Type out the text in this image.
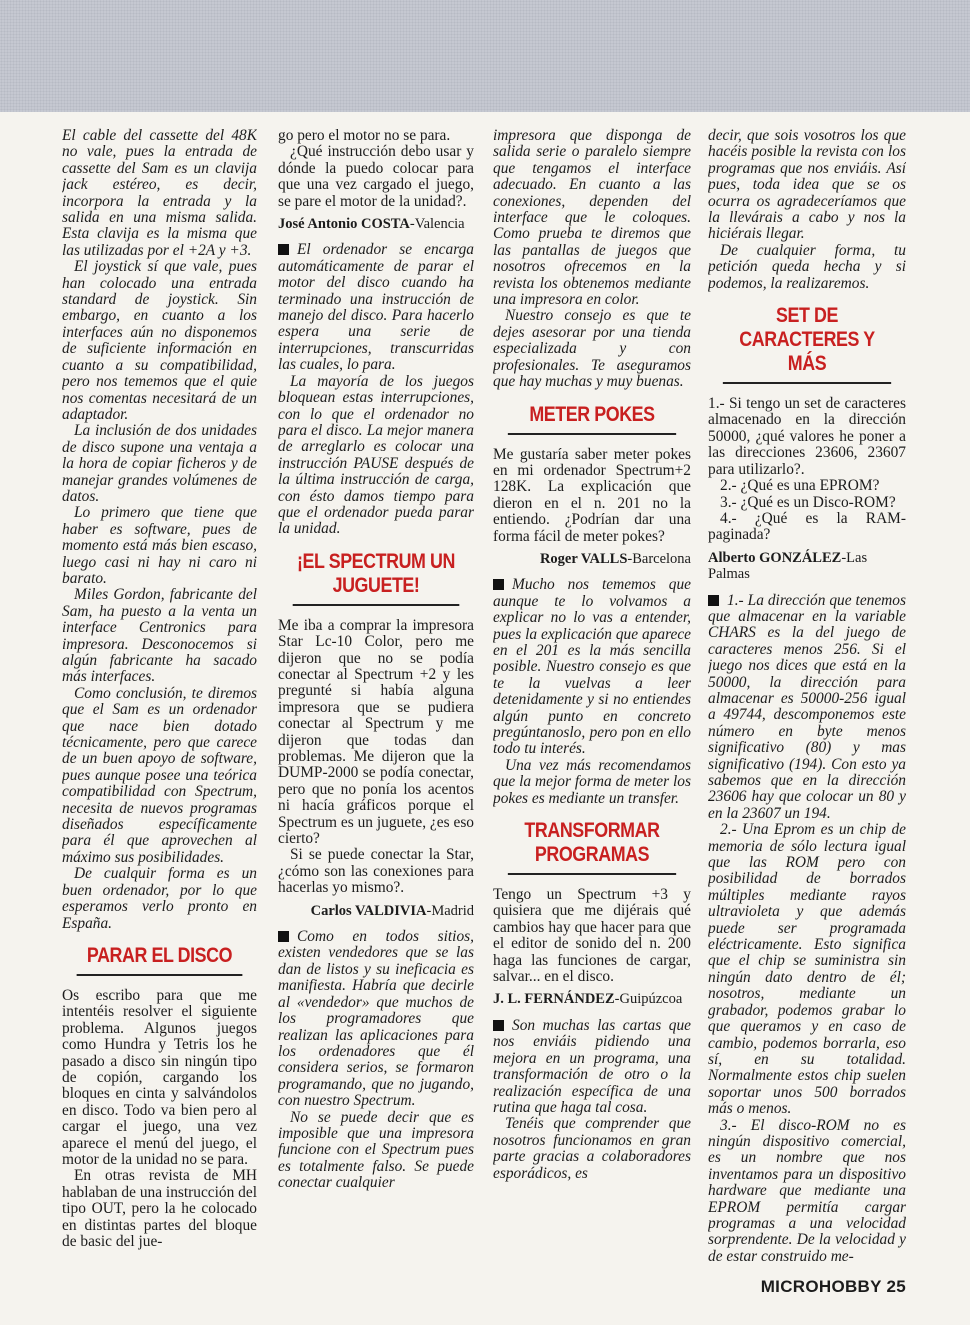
El cable del cassette del 48K no vale, pues la entrada de cassette del Sam es un clavija jack estéreo, es decir, incorpora la entrada y la salida en una misma salida. Esta clavija es la misma que las utilizadas por el +2A y +3.

El joystick sí que vale, pues han colocado una entrada standard de joystick. Sin embargo, en cuanto a los interfaces aún no disponemos de suficiente información en cuanto a su compatibilidad, pero nos tememos que el quie nos comentas necesitará de un adaptador.

La inclusión de dos unidades de disco supone una ventaja a la hora de copiar ficheros y de manejar grandes volúmenes de datos.

Lo primero que tiene que haber es software, pues de momento está más bien escaso, luego casi ni hay ni caro ni barato.

Miles Gordon, fabricante del Sam, ha puesto a la venta un interface Centronics para impresora. Desconocemos si algún fabricante ha sacado más interfaces.

Como conclusión, te diremos que el Sam es un ordenador que nace bien dotado técnicamente, pero que carece de un buen apoyo de software, pues aunque posee una teórica compatibilidad con Spectrum, necesita de nuevos programas diseñados específicamente para él que aprovechen al máximo sus posibilidades.

De cualquir forma es un buen ordenador, por lo que esperamos verlo pronto en España.

PARAR EL DISCO

Os escribo para que me intentéis resolver el siguiente problema. Algunos juegos como Hundra y Tetris los he pasado a disco sin ningún tipo de copión, cargando los bloques en cinta y salvándolos en disco. Todo va bien pero al cargar el juego, una vez aparece el menú del juego, el motor de la unidad no se para.

En otras revista de MH hablaban de una instrucción del tipo OUT, pero la he colocado en distintas partes del bloque de basic del jue-

go pero el motor no se para.

¿Qué instrucción debo usar y dónde la puedo colocar para que una vez cargado el juego, se pare el motor de la unidad?.

José Antonio COSTA-Valencia

El ordenador se encarga automáticamente de parar el motor del disco cuando ha terminado una instrucción de manejo del disco. Para hacerlo espera una serie de interrupciones, transcurridas las cuales, lo para.

La mayoría de los juegos bloquean estas interrupciones, con lo que el ordenador no para el disco. La mejor manera de arreglarlo es colocar una instrucción PAUSE después de la última instrucción de carga, con ésto damos tiempo para que el ordenador pueda parar la unidad.

¡EL SPECTRUM UN JUGUETE!

Me iba a comprar la impresora Star Lc-10 Color, pero me dijeron que no se podía conectar al Spectrum +2 y les pregunté si había alguna impresora que se pudiera conectar al Spectrum y me dijeron que todas dan problemas. Me dijeron que la DUMP-2000 se podía conectar, pero que no ponía los acentos ni hacía gráficos porque el Spectrum es un juguete, ¿es eso cierto?

Si se puede conectar la Star, ¿cómo son las conexiones para hacerlas yo mismo?.

Carlos VALDIVIA-Madrid

Como en todos sitios, existen vendedores que se las dan de listos y su ineficacia es manifiesta. Habría que decirle al «vendedor» que muchos de los programadores que realizan las aplicaciones para los ordenadores que él considera serios, se formaron programando, que no jugando, con nuestro Spectrum.

No se puede decir que es imposible que una impresora funcione con el Spectrum pues es totalmente falso. Se puede conectar cualquier

impresora que disponga de salida serie o paralelo siempre que tengamos el interface adecuado. En cuanto a las conexiones, dependen del interface que le coloques. Como prueba te diremos que las pantallas de juegos que nosotros ofrecemos en la revista los obtenemos mediante una impresora en color.

Nuestro consejo es que te dejes asesorar por una tienda especializada y con profesionales. Te aseguramos que hay muchas y muy buenas.

METER POKES

Me gustaría saber meter pokes en mi ordenador Spectrum+2 128K. La explicación que dieron en el n. 201 no la entiendo. ¿Podrían dar una forma fácil de meter pokes?

Roger VALLS-Barcelona

Mucho nos tememos que aunque te lo volvamos a explicar no lo vas a entender, pues la explicación que aparece en el 201 es la más sencilla posible. Nuestro consejo es que te la vuelvas a leer detenidamente y si no entiendes algún punto en concreto pregúntanoslo, pero pon en ello todo tu interés.

Una vez más recomendamos que la mejor forma de meter los pokes es mediante un transfer.

TRANSFORMAR PROGRAMAS

Tengo un Spectrum +3 y quisiera que me dijérais qué cambios hay que hacer para que el editor de sonido del n. 200 haga las funciones de cargar, salvar... en el disco.

J. L. FERNÁNDEZ-Guipúzcoa

Son muchas las cartas que nos enviáis pidiendo una mejora en un programa, una transformación de otro o la realización específica de una rutina que haga tal cosa.

Tenéis que comprender que nosotros funcionamos en gran parte gracias a colaboradores esporádicos, es

decir, que sois vosotros los que hacéis posible la revista con los programas que nos enviáis. Así pues, toda idea que se os ocurra os agradeceríamos que la llevárais a cabo y nos la hiciérais llegar.

De cualquier forma, tu petición queda hecha y si podemos, la realizaremos.

SET DE CARACTERES Y MÁS

1.- Si tengo un set de caracteres almacenado en la dirección 50000, ¿qué valores he poner a las direcciones 23606, 23607 para utilizarlo?.

2.- ¿Qué es una EPROM?

3.- ¿Qué es un Disco-ROM?

4.- ¿Qué es la RAM-paginada?

Alberto GONZÁLEZ-Las Palmas

1.- La dirección que tenemos que almacenar en la variable CHARS es la del juego de caracteres menos 256. Si el juego nos dices que está en la 50000, la dirección para almacenar es 50000-256 igual a 49744, descomponemos este número en byte menos significativo (80) y mas significativo (194). Con esto ya sabemos que en la dirección 23606 hay que colocar un 80 y en la 23607 un 194.

2.- Una Eprom es un chip de memoria de sólo lectura igual que las ROM pero con posibilidad de borrados múltiples mediante rayos ultravioleta y que además puede ser programada eléctricamente. Esto significa que el chip se suministra sin ningún dato dentro de él; nosotros, mediante un grabador, podemos grabar lo que queramos y en caso de cambio, podemos borrarla, eso sí, en su totalidad. Normalmente estos chip suelen soportar unos 500 borrados más o menos.

3.- El disco-ROM no es ningún dispositivo comercial, es un nombre que nos inventamos para un dispositivo hardware que mediante una EPROM permitía cargar programas a una velocidad sorprendente. De la velocidad y de estar construido me-

MICROHOBBY 25
